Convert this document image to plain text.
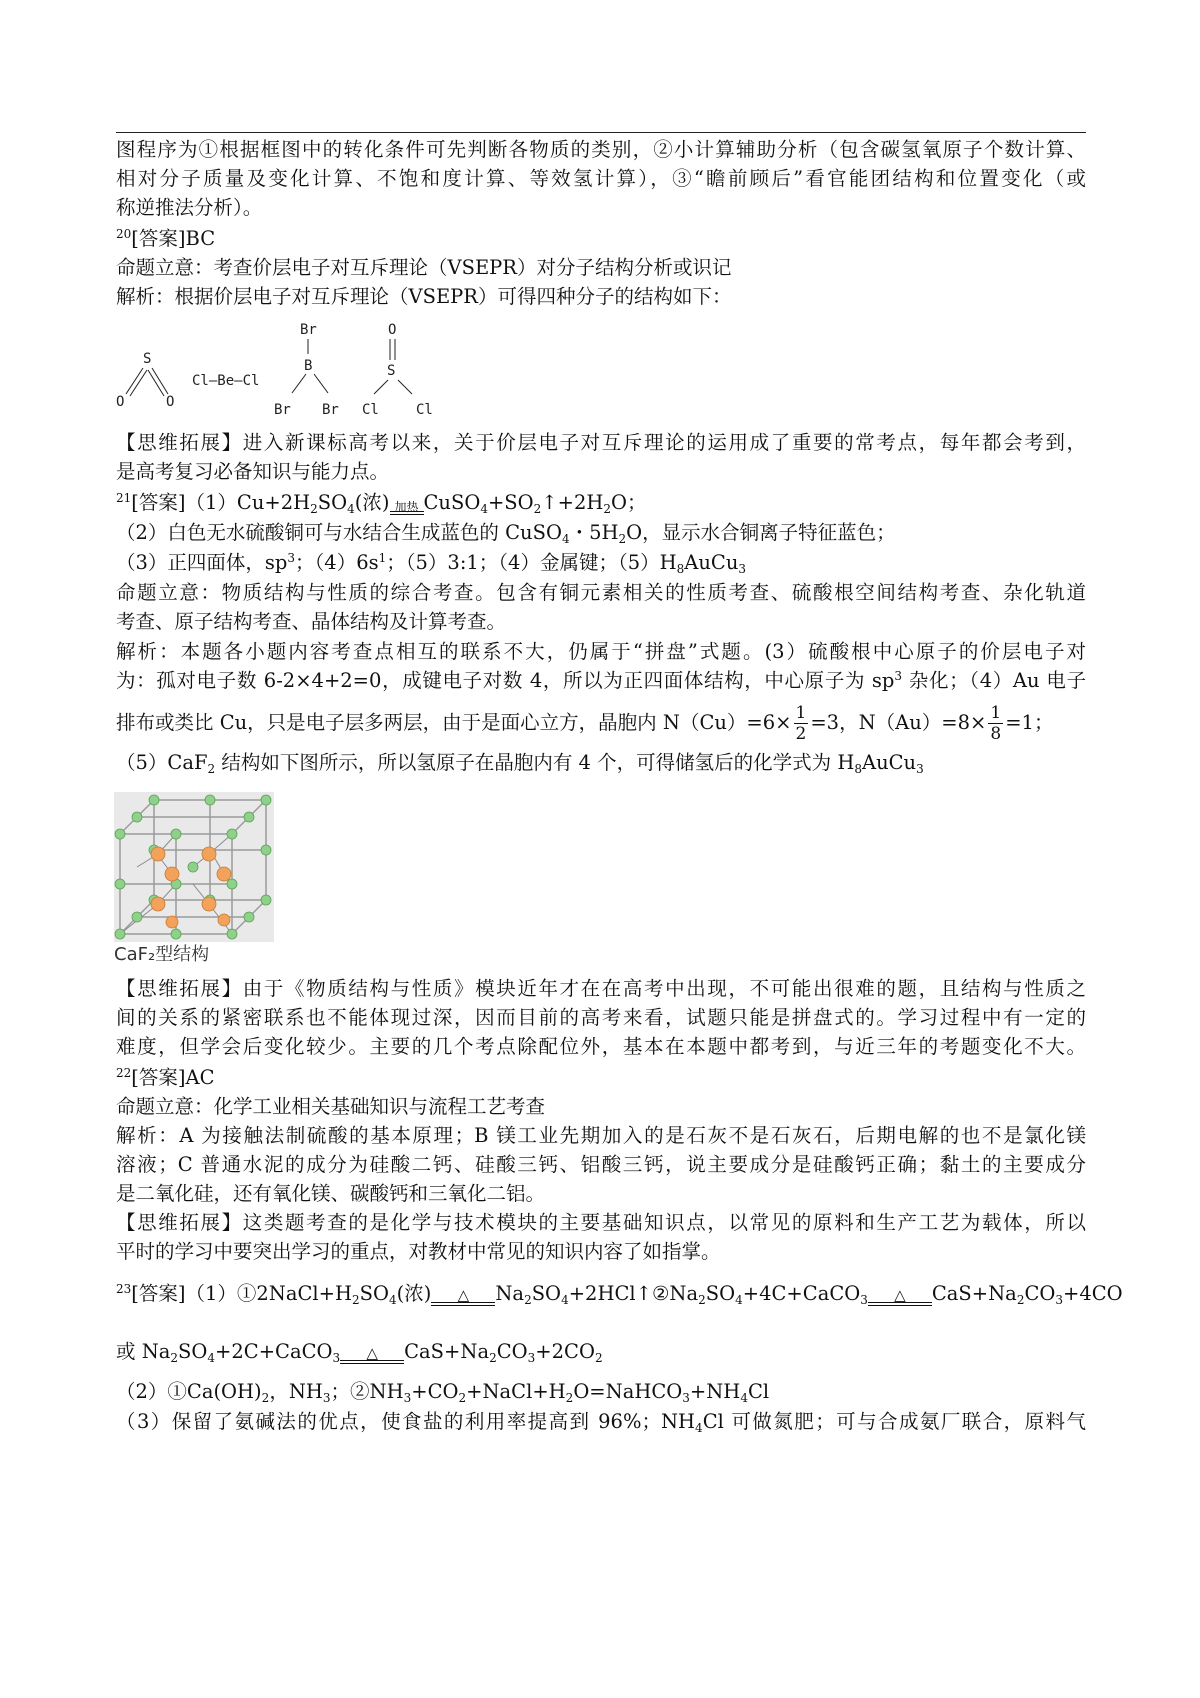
图程序为①根据框图中的转化条件可先判断各物质的类别，②小计算辅助分析（包含碳氢氧原子个数计算、
相对分子质量及变化计算、不饱和度计算、等效氢计算），③“瞻前顾后”看官能团结构和位置变化（或
称逆推法分析）。
$^{20}$[答案]BC
命题立意：考查价层电子对互斥理论（VSEPR）对分子结构分析或识记
解析：根据价层电子对互斥理论（VSEPR）可得四种分子的结构如下：
S
O	O
Cl—Be—Cl
Br
B
Br Br
O
S
Cl	Cl
【思维拓展】进入新课标高考以来，关于价层电子对互斥理论的运用成了重要的常考点，每年都会考到，
是高考复习必备知识与能力点。
$^{21}$[答案]$(1)Cu+2H_2SO_4$(浓) 加热 $CuSO_4+SO_2↑+2H_2O$；
（2）白色无水硫酸铜可与水结合生成蓝色的 CuSO$_4$・$5H_2O$，显示水合铜离子特征蓝色；
（3）正四面体，$sp^3$；$(4)6s^1$；（5）3:1；（4）金属键；$(5)H_8AuCu_3$
命题立意：物质结构与性质的综合考查。包含有铜元素相关的性质考查、硫酸根空间结构考查、杂化轨道
考查、原子结构考查、晶体结构及计算考查。
解析：本题各小题内容考查点相互的联系不大，仍属于“拼盘”式题。(3）硫酸根中心原子的价层电子对
为：孤对电子数 6-2×4+2=0，成键电子对数 4，所以为正四面体结构，中心原子为 $sp^3$ 杂化；（4）Au 电子
排布或类比 Cu，只是电子层多两层，由于是面心立方，晶胞内 $N(Cu)=6\times \frac{1}{2} =3$，$N(Au)=8\times \frac{1}{8} =1$；
（5）CaF$_2$ 结构如下图所示，所以氢原子在晶胞内有 4 个，可得储氢后的化学式为 $H_8AuCu_3$
CaF₂型结构
【思维拓展】由于《物质结构与性质》模块近年才在在高考中出现，不可能出很难的题，且结构与性质之
间的关系的紧密联系也不能体现过深，因而目前的高考来看，试题只能是拼盘式的。学习过程中有一定的
难度，但学会后变化较少。主要的几个考点除配位外，基本在本题中都考到，与近三年的考题变化不大。
$^{22}$[答案]AC
命题立意：化学工业相关基础知识与流程工艺考查
解析：A 为接触法制硫酸的基本原理；B 镁工业先期加入的是石灰不是石灰石，后期电解的也不是氯化镁
溶液；C 普通水泥的成分为硅酸二钙、硅酸三钙、铝酸三钙，说主要成分是硅酸钙正确；黏土的主要成分
是二氧化硅，还有氧化镁、碳酸钙和三氧化二铝。
【思维拓展】这类题考查的是化学与技术模块的主要基础知识点，以常见的原料和生产工艺为载体，所以
平时的学习中要突出学习的重点，对教材中常见的知识内容了如指掌。
$^{23}$[答案]$(1)①2NaCl+H_2SO_4$(浓)	△	$Na_2SO_4+2HCl↑②Na_2SO_4+4C+CaCO_3$	△	$CaS+Na_2CO_3+4CO$
或 $Na_2SO_4+2C+CaCO_3$	△	$CaS+Na_2CO_3+2CO_2$
$(2)①Ca(OH)_2$，$NH_3$；$②NH_3+CO_2+NaCl+H_2O=NaHCO_3+NH_4Cl$
（3）保留了氨碱法的优点，使食盐的利用率提高到 96%；$NH_4Cl$ 可做氮肥；可与合成氨厂联合，原料气
